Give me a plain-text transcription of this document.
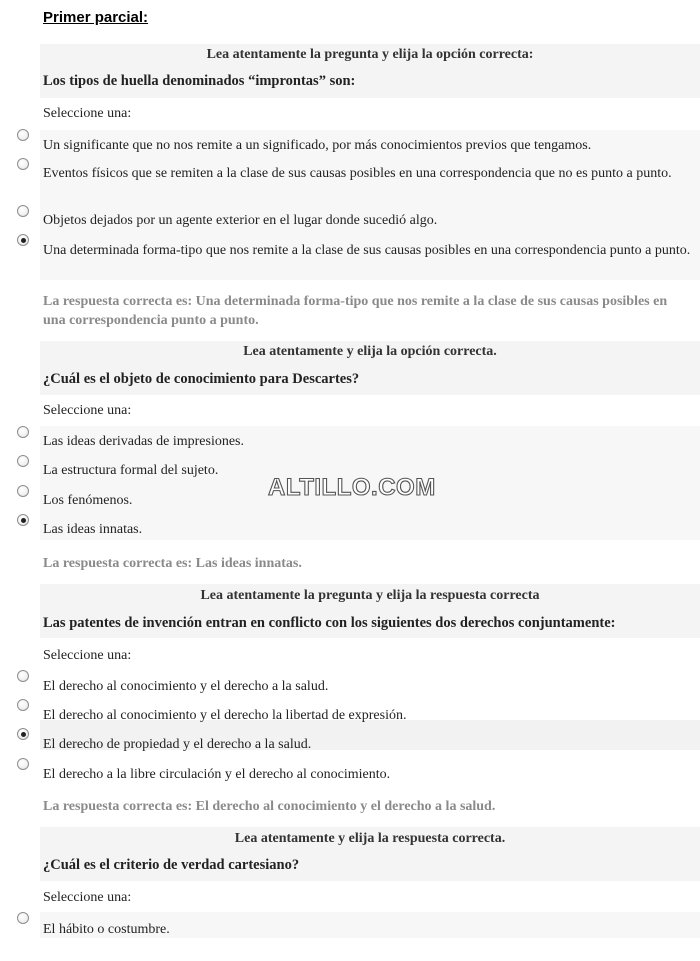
Primer parcial:
Lea atentamente la pregunta y elija la opción correcta:
Los tipos de huella denominados “improntas” son:
Seleccione una:
Un significante que no nos remite a un significado, por más conocimientos previos que tengamos.
Eventos físicos que se remiten a la clase de sus causas posibles en una correspondencia que no es punto a punto.
Objetos dejados por un agente exterior en el lugar donde sucedió algo.
Una determinada forma-tipo que nos remite a la clase de sus causas posibles en una correspondencia punto a punto.
La respuesta correcta es: Una determinada forma-tipo que nos remite a la clase de sus causas posibles en una correspondencia punto a punto.
Lea atentamente y elija la opción correcta.
¿Cuál es el objeto de conocimiento para Descartes?
Seleccione una:
Las ideas derivadas de impresiones.
La estructura formal del sujeto.
Los fenómenos.
Las ideas innatas.
La respuesta correcta es: Las ideas innatas.
Lea atentamente la pregunta y elija la respuesta correcta
Las patentes de invención entran en conflicto con los siguientes dos derechos conjuntamente:
Seleccione una:
El derecho al conocimiento y el derecho a la salud.
El derecho al conocimiento y el derecho la libertad de expresión.
El derecho de propiedad y el derecho a la salud.
El derecho a la libre circulación y el derecho al conocimiento.
La respuesta correcta es: El derecho al conocimiento y el derecho a la salud.
Lea atentamente y elija la respuesta correcta.
¿Cuál es el criterio de verdad cartesiano?
Seleccione una:
El hábito o costumbre.
ALTILLO.COM
